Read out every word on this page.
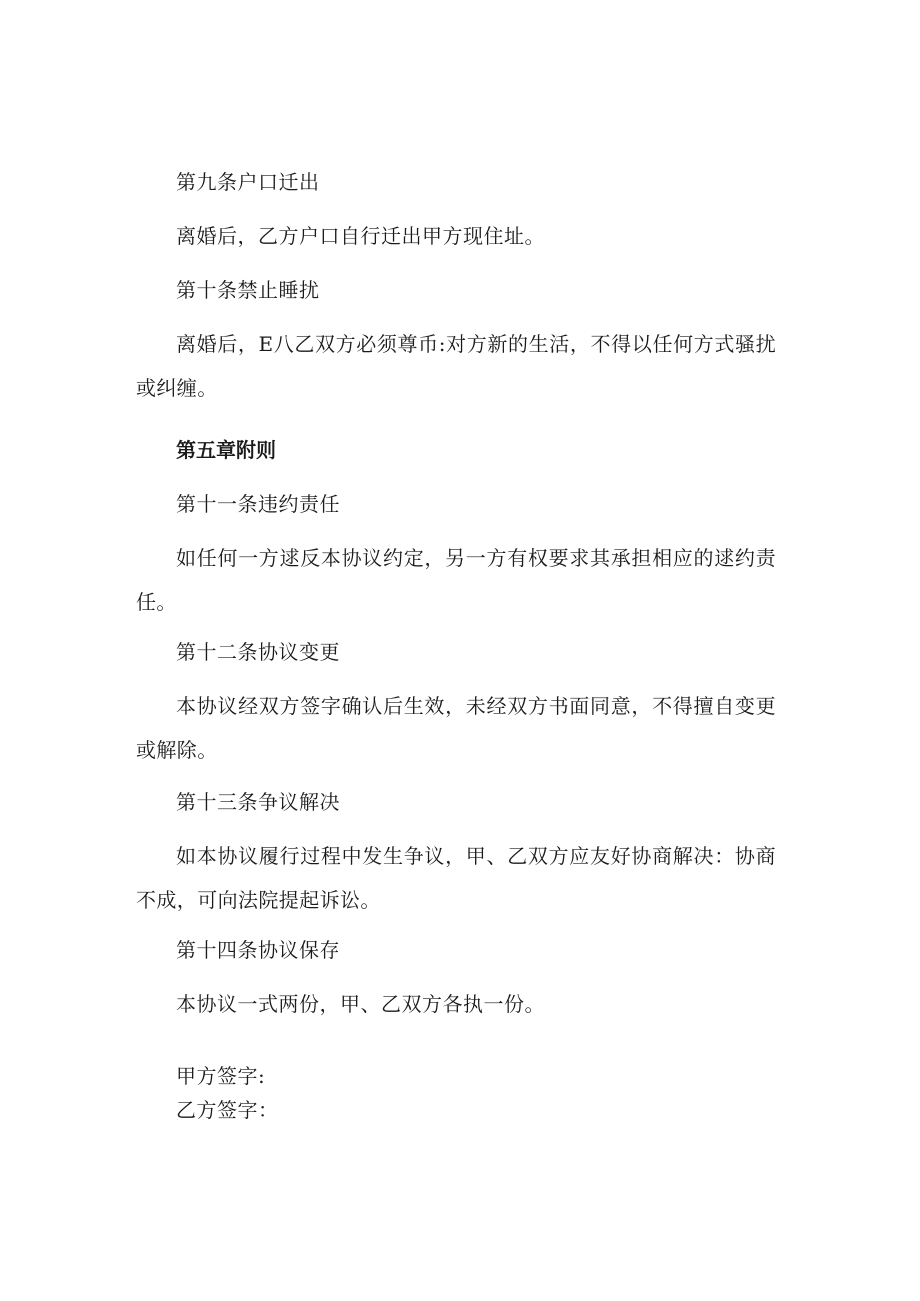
第九条户口迁出
离婚后，乙方户口自行迁出甲方现住址。
第十条禁止睡扰
离婚后，E八乙双方必须尊币:对方新的生活，不得以任何方式骚扰或纠缠。
第五章附则
第十一条违约责任
如任何一方逑反本协议约定，另一方有权要求其承担相应的逑约责任。
第十二条协议变更
本协议经双方签字确认后生效，未经双方书面同意，不得擅自变更或解除。
第十三条争议解决
如本协议履行过程中发生争议，甲、乙双方应友好协商解决：协商不成，可向法院提起诉讼。
第十四条协议保存
本协议一式两份，甲、乙双方各执一份。
甲方签字:
乙方签字：
